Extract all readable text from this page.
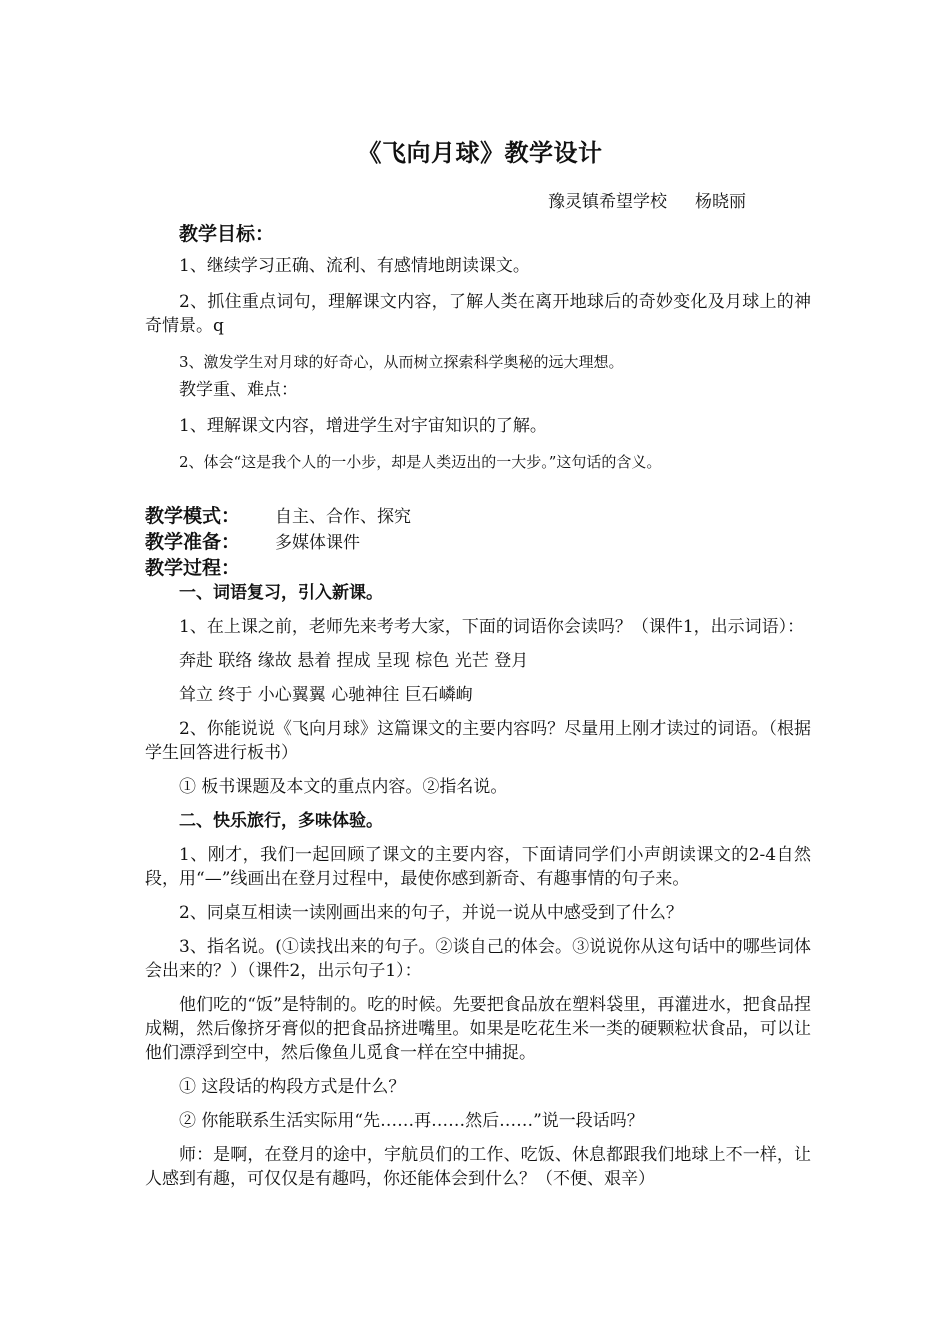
《飞向月球》教学设计
豫灵镇希望学校 杨晓丽

教学目标：

1、继续学习正确、流利、有感情地朗读课文。

2、抓住重点词句，理解课文内容，了解人类在离开地球后的奇妙变化及月球上的神奇情景。q

3、激发学生对月球的好奇心，从而树立探索科学奥秘的远大理想。

教学重、难点：

1、理解课文内容，增进学生对宇宙知识的了解。

2、体会“这是我个人的一小步，却是人类迈出的一大步。”这句话的含义。

教学模式：	自主、合作、探究
教学准备：	多媒体课件
教学过程：

一、词语复习，引入新课。

1、在上课之前，老师先来考考大家，下面的词语你会读吗？（课件1，出示词语）：

奔赴 联络 缘故 悬着 捏成 呈现 棕色 光芒 登月

耸立 终于 小心翼翼 心驰神往 巨石嶙峋

2、你能说说《飞向月球》这篇课文的主要内容吗？尽量用上刚才读过的词语。（根据学生回答进行板书）

① 板书课题及本文的重点内容。②指名说。

二、快乐旅行，多味体验。

1、刚才，我们一起回顾了课文的主要内容，下面请同学们小声朗读课文的2-4自然段，用“—”线画出在登月过程中，最使你感到新奇、有趣事情的句子来。

2、同桌互相读一读刚画出来的句子，并说一说从中感受到了什么？

3、指名说。(①读找出来的句子。②谈自己的体会。③说说你从这句话中的哪些词体会出来的？）（课件2，出示句子1）：

他们吃的“饭”是特制的。吃的时候。先要把食品放在塑料袋里，再灌进水，把食品捏成糊，然后像挤牙膏似的把食品挤进嘴里。如果是吃花生米一类的硬颗粒状食品，可以让他们漂浮到空中，然后像鱼儿觅食一样在空中捕捉。

① 这段话的构段方式是什么？

② 你能联系生活实际用“先……再……然后……”说一段话吗？

师：是啊，在登月的途中，宇航员们的工作、吃饭、休息都跟我们地球上不一样，让人感到有趣，可仅仅是有趣吗，你还能体会到什么？（不便、艰辛）
